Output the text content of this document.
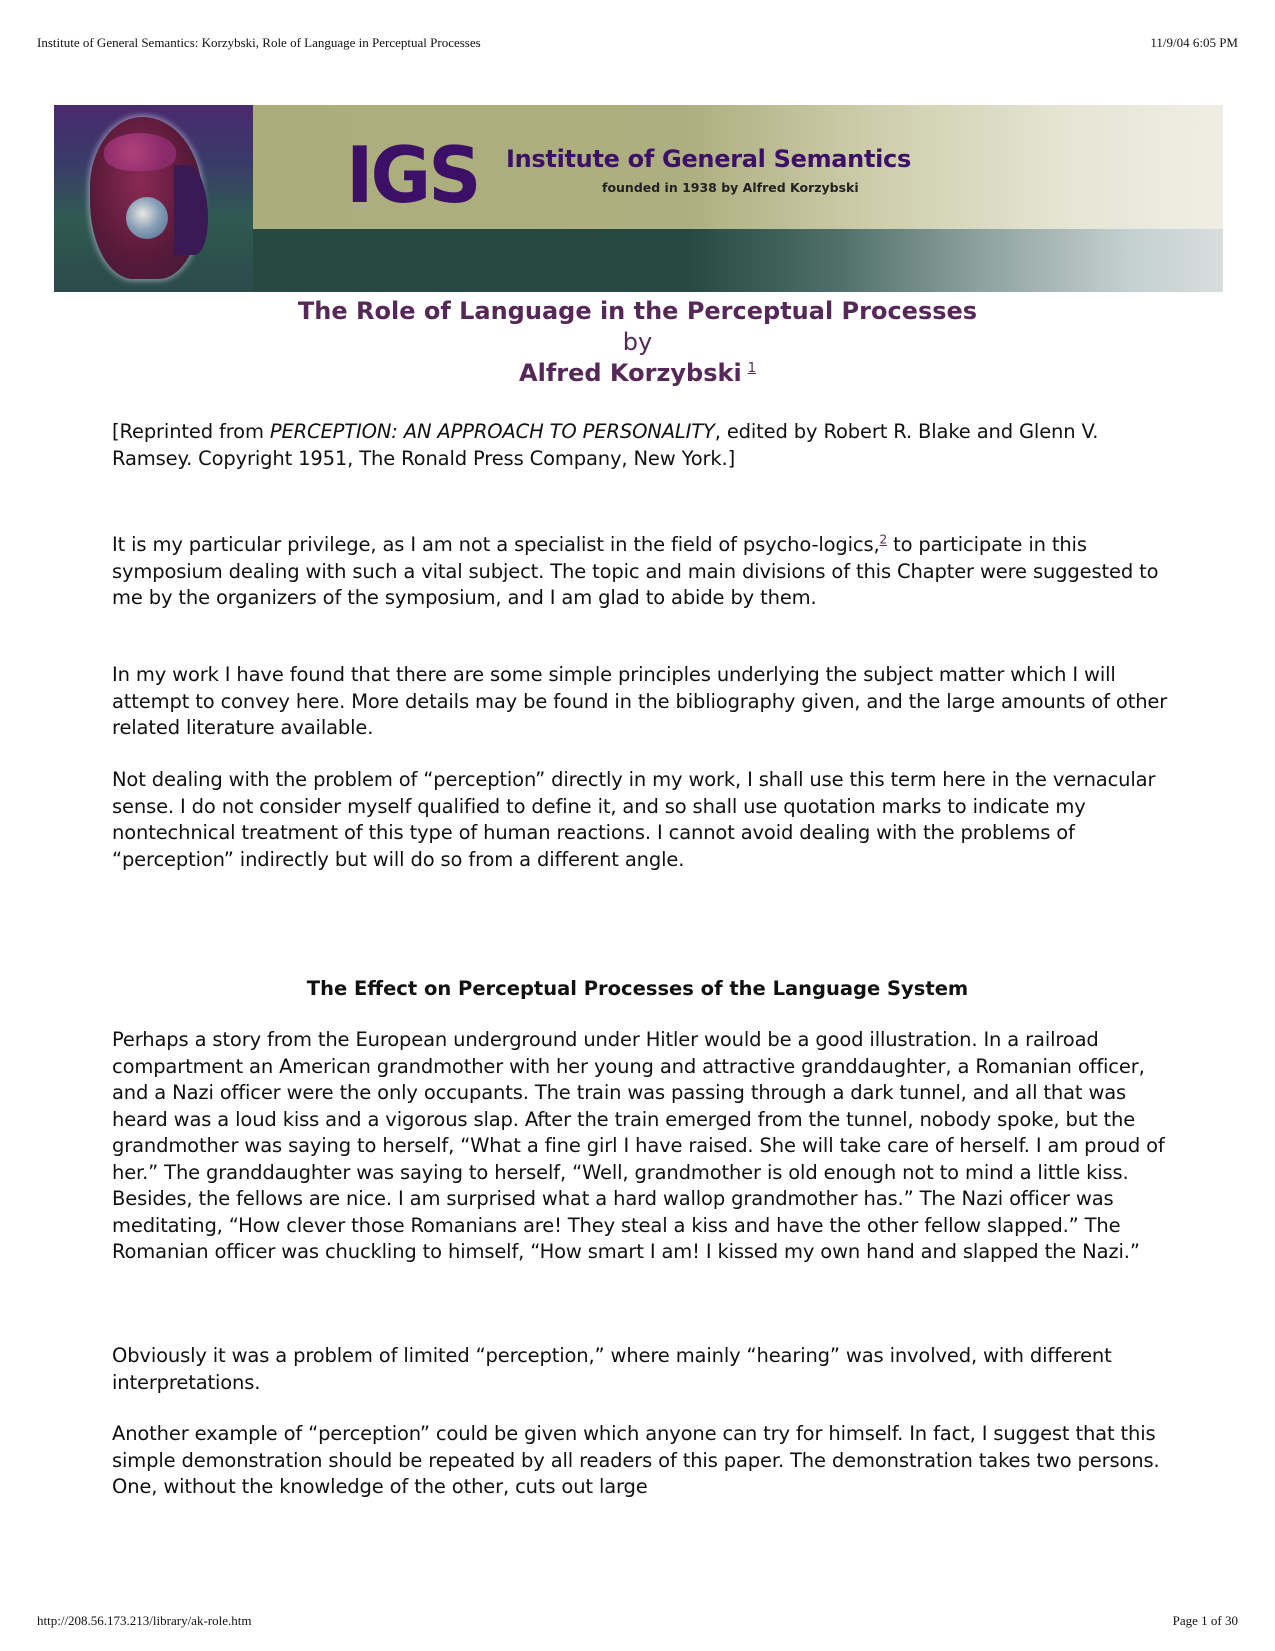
Institute of General Semantics: Korzybski, Role of Language in Perceptual Processes	11/9/04 6:05 PM
IGS Institute of General Semantics
founded in 1938 by Alfred Korzybski
The Role of Language in the Perceptual Processes
by
Alfred Korzybski $^1$

[Reprinted from PERCEPTION: AN APPROACH TO PERSONALITY, edited by Robert R. Blake and Glenn V. Ramsey. Copyright 1951, The Ronald Press Company, New York.]

It is my particular privilege, as I am not a specialist in the field of psycho-logics,$^2$ to participate in this symposium dealing with such a vital subject. The topic and main divisions of this Chapter were suggested to me by the organizers of the symposium, and I am glad to abide by them.

In my work I have found that there are some simple principles underlying the subject matter which I will attempt to convey here. More details may be found in the bibliography given, and the large amounts of other related literature available.

Not dealing with the problem of “perception” directly in my work, I shall use this term here in the vernacular sense. I do not consider myself qualified to define it, and so shall use quotation marks to indicate my nontechnical treatment of this type of human reactions. I cannot avoid dealing with the problems of “perception” indirectly but will do so from a different angle.

The Effect on Perceptual Processes of the Language System

Perhaps a story from the European underground under Hitler would be a good illustration. In a railroad compartment an American grandmother with her young and attractive granddaughter, a Romanian officer, and a Nazi officer were the only occupants. The train was passing through a dark tunnel, and all that was heard was a loud kiss and a vigorous slap. After the train emerged from the tunnel, nobody spoke, but the grandmother was saying to herself, “What a fine girl I have raised. She will take care of herself. I am proud of her.” The granddaughter was saying to herself, “Well, grandmother is old enough not to mind a little kiss. Besides, the fellows are nice. I am surprised what a hard wallop grandmother has.” The Nazi officer was meditating, “How clever those Romanians are! They steal a kiss and have the other fellow slapped.” The Romanian officer was chuckling to himself, “How smart I am! I kissed my own hand and slapped the Nazi.”

Obviously it was a problem of limited “perception,” where mainly “hearing” was involved, with different interpretations.

Another example of “perception” could be given which anyone can try for himself. In fact, I suggest that this simple demonstration should be repeated by all readers of this paper. The demonstration takes two persons. One, without the knowledge of the other, cuts out large

http://208.56.173.213/library/ak-role.htm	Page 1 of 30
